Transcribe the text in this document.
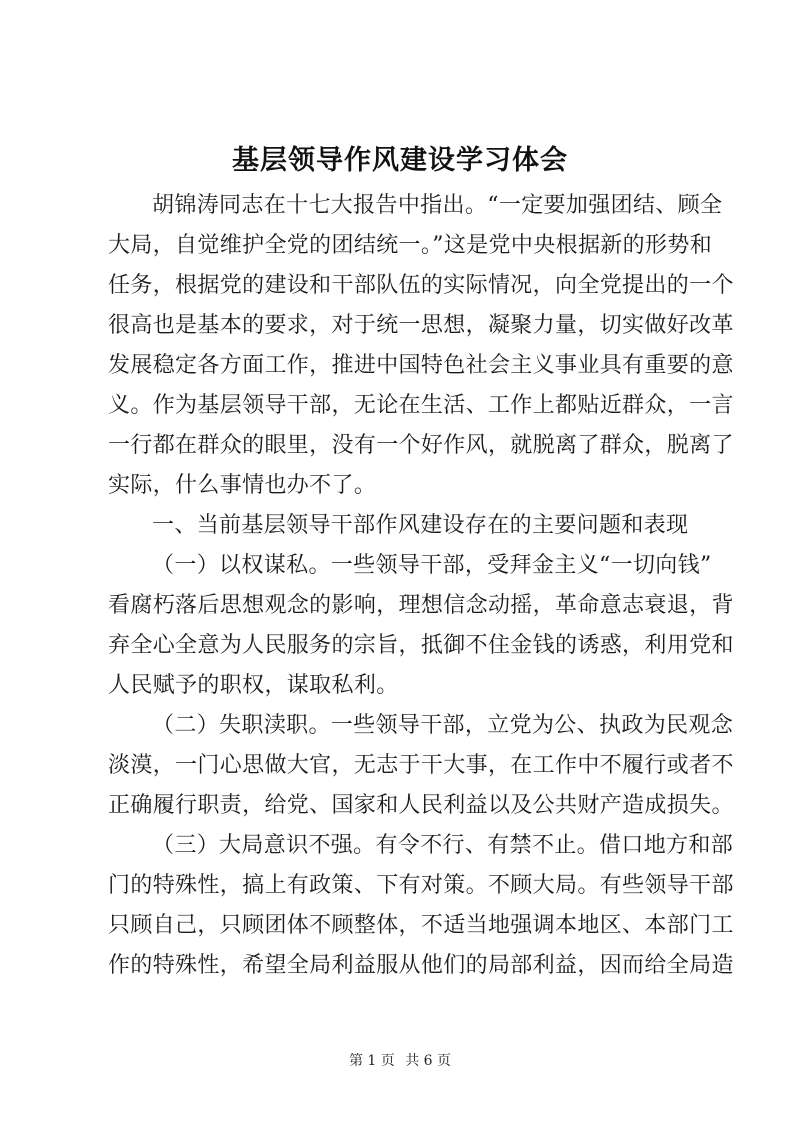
基层领导作风建设学习体会
胡锦涛同志在十七大报告中指出。“一定要加强团结、顾全
大局，自觉维护全党的团结统一。”这是党中央根据新的形势和
任务，根据党的建设和干部队伍的实际情况，向全党提出的一个
很高也是基本的要求，对于统一思想，凝聚力量，切实做好改革
发展稳定各方面工作，推进中国特色社会主义事业具有重要的意
义。作为基层领导干部，无论在生活、工作上都贴近群众，一言
一行都在群众的眼里，没有一个好作风，就脱离了群众，脱离了
实际，什么事情也办不了。
一、当前基层领导干部作风建设存在的主要问题和表现
（一）以权谋私。一些领导干部，受拜金主义“一切向钱”
看腐朽落后思想观念的影响，理想信念动摇，革命意志衰退，背
弃全心全意为人民服务的宗旨，抵御不住金钱的诱惑，利用党和
人民赋予的职权，谋取私利。
（二）失职渎职。一些领导干部，立党为公、执政为民观念
淡漠，一门心思做大官，无志于干大事，在工作中不履行或者不
正确履行职责，给党、国家和人民利益以及公共财产造成损失。
（三）大局意识不强。有令不行、有禁不止。借口地方和部
门的特殊性，搞上有政策、下有对策。不顾大局。有些领导干部
只顾自己，只顾团体不顾整体，不适当地强调本地区、本部门工
作的特殊性，希望全局利益服从他们的局部利益，因而给全局造
第 1 页 共 6 页
